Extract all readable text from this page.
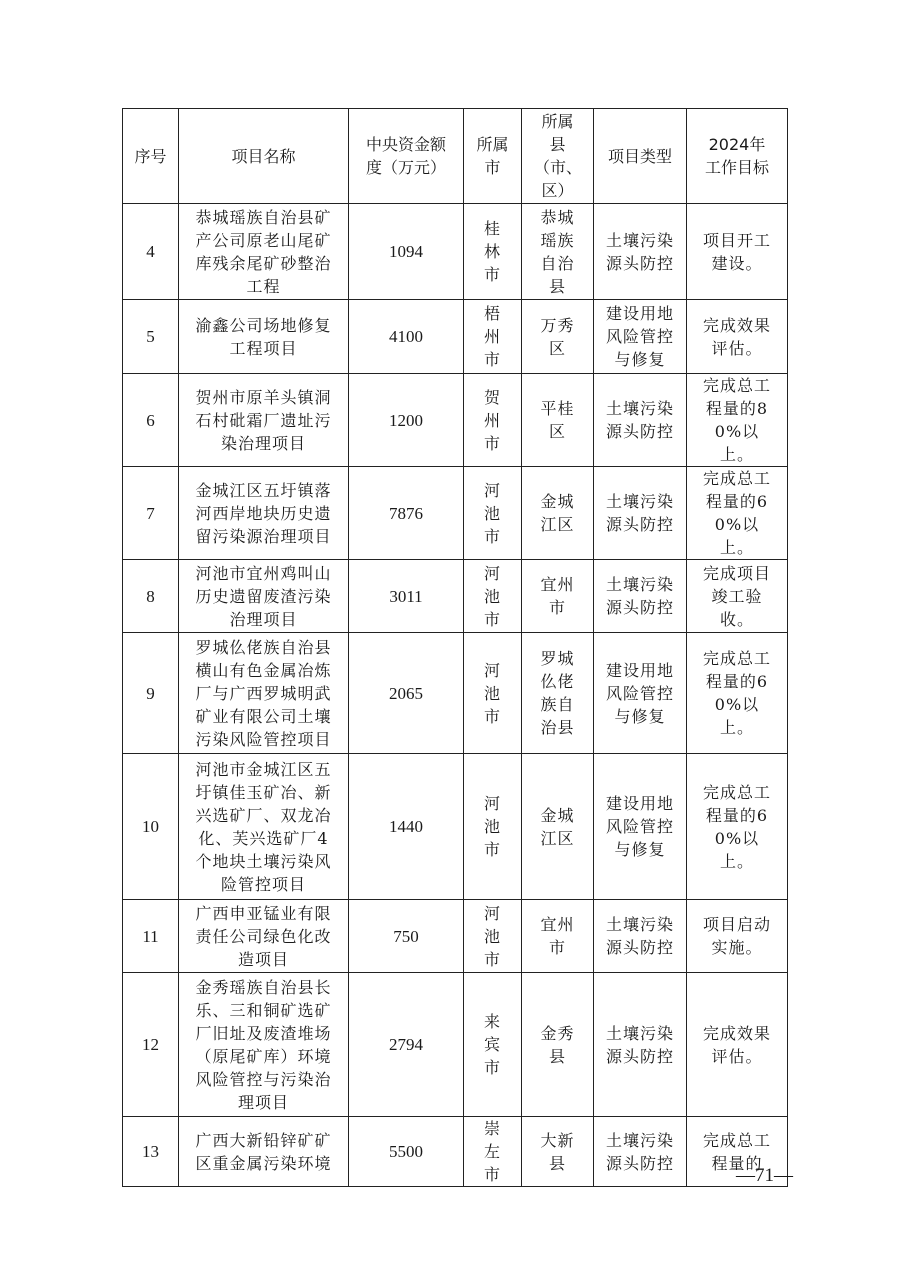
序号	项目名称	中央资金额度（万元）	所属市	所属县（市、区）	项目类型	2024年工作目标
4	恭城瑶族自治县矿产公司原老山尾矿库残余尾矿砂整治工程	1094	桂林市	恭城瑶族自治县	土壤污染源头防控	项目开工建设。
5	渝鑫公司场地修复工程项目	4100	梧州市	万秀区	建设用地风险管控与修复	完成效果评估。
6	贺州市原羊头镇洞石村砒霜厂遗址污染治理项目	1200	贺州市	平桂区	土壤污染源头防控	完成总工程量的80%以上。
7	金城江区五圩镇落河西岸地块历史遗留污染源治理项目	7876	河池市	金城江区	土壤污染源头防控	完成总工程量的60%以上。
8	河池市宜州鸡叫山历史遗留废渣污染治理项目	3011	河池市	宜州市	土壤污染源头防控	完成项目竣工验收。
9	罗城仫佬族自治县横山有色金属冶炼厂与广西罗城明武矿业有限公司土壤污染风险管控项目	2065	河池市	罗城仫佬族自治县	建设用地风险管控与修复	完成总工程量的60%以上。
10	河池市金城江区五圩镇佳玉矿冶、新兴选矿厂、双龙冶化、芙兴选矿厂4个地块土壤污染风险管控项目	1440	河池市	金城江区	建设用地风险管控与修复	完成总工程量的60%以上。
11	广西申亚锰业有限责任公司绿色化改造项目	750	河池市	宜州市	土壤污染源头防控	项目启动实施。
12	金秀瑶族自治县长乐、三和铜矿选矿厂旧址及废渣堆场（原尾矿库）环境风险管控与污染治理项目	2794	来宾市	金秀县	土壤污染源头防控	完成效果评估。
13	广西大新铅锌矿矿区重金属污染环境	5500	崇左市	大新县	土壤污染源头防控	完成总工程量的
—71—
